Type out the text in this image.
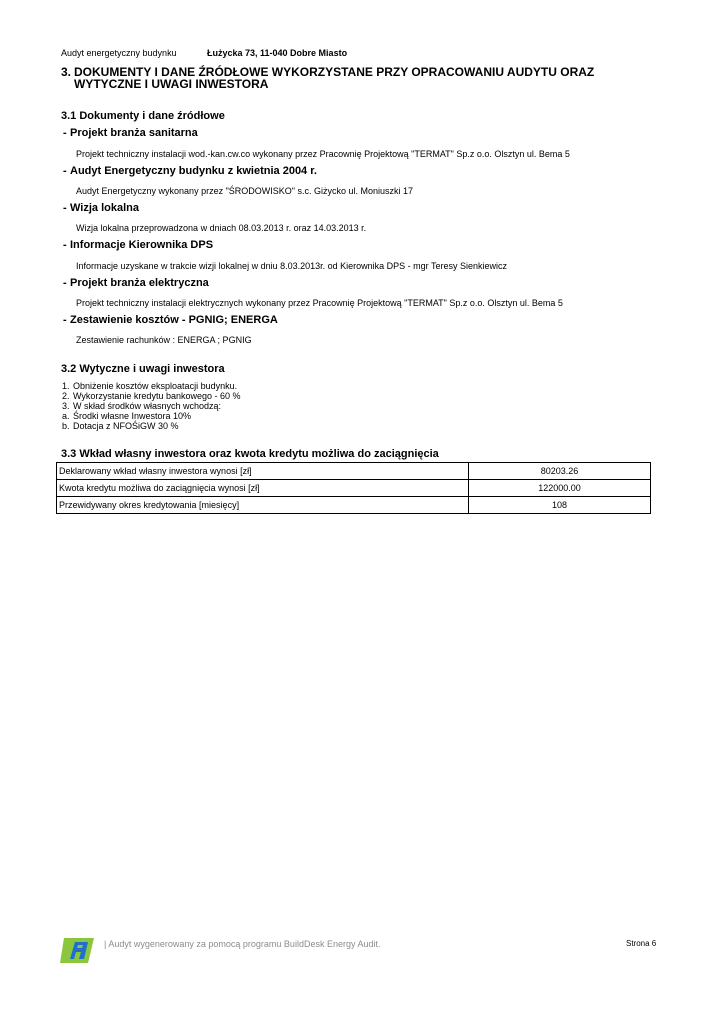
Audyt energetyczny budynku	Łużycka 73, 11-040 Dobre Miasto
3. DOKUMENTY I DANE ŹRÓDŁOWE WYKORZYSTANE PRZY OPRACOWANIU AUDYTU ORAZ WYTYCZNE I UWAGI INWESTORA
3.1 Dokumenty i dane źródłowe
- Projekt branża sanitarna
Projekt techniczny instalacji wod.-kan.cw.co wykonany przez Pracownię Projektową "TERMAT" Sp.z o.o. Olsztyn ul. Bema 5
- Audyt Energetyczny budynku z kwietnia 2004 r.
Audyt Energetyczny wykonany przez "ŚRODOWISKO" s.c. Giżycko ul. Moniuszki 17
- Wizja lokalna
Wizja lokalna przeprowadzona w dniach 08.03.2013 r. oraz 14.03.2013 r.
- Informacje Kierownika DPS
Informacje uzyskane w trakcie wizji lokalnej w dniu 8.03.2013r. od Kierownika DPS - mgr Teresy Sienkiewicz
- Projekt branża elektryczna
Projekt techniczny instalacji elektrycznych wykonany przez Pracownię Projektową "TERMAT" Sp.z o.o. Olsztyn ul. Bema 5
- Zestawienie kosztów - PGNIG; ENERGA
Zestawienie rachunków : ENERGA ; PGNIG
3.2 Wytyczne i uwagi inwestora
1. Obniżenie kosztów eksploatacji budynku.
2. Wykorzystanie kredytu bankowego - 60 %
3. W skład środków własnych wchodzą:
a. Środki własne Inwestora 10%
b. Dotacja z NFOŚiGW 30 %
3.3 Wkład własny inwestora oraz kwota kredytu możliwa do zaciągnięcia
Deklarowany wkład własny inwestora wynosi [zł]	80203.26
Kwota kredytu możliwa do zaciągnięcia wynosi [zł]	122000.00
Przewidywany okres kredytowania [miesięcy]	108
| Audyt wygenerowany za pomocą programu BuildDesk Energy Audit.	Strona 6
